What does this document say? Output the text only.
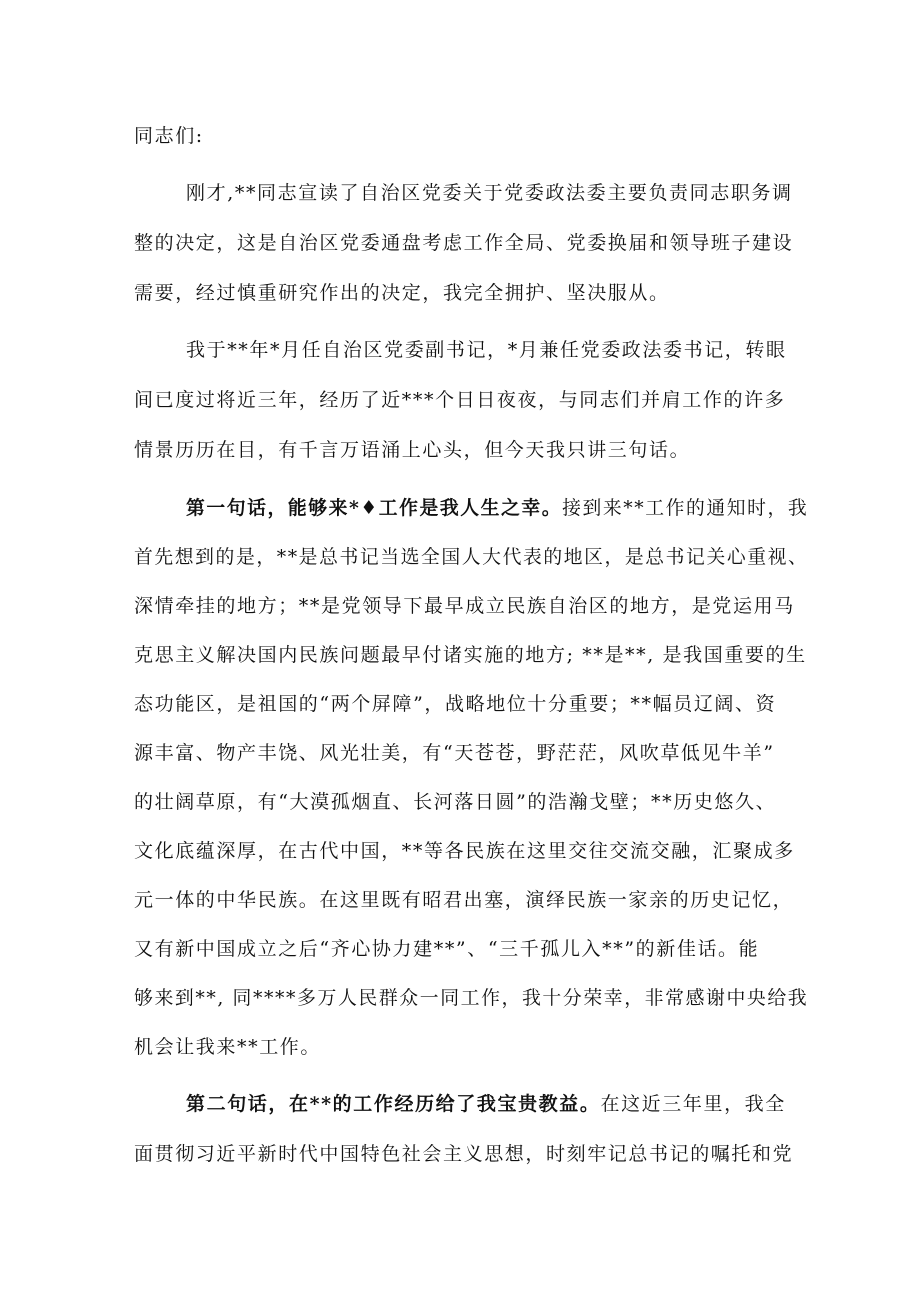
同志们:
刚才,**同志宣读了自治区党委关于党委政法委主要负责同志职务调
整的决定，这是自治区党委通盘考虑工作全局、党委换届和领导班子建设
需要，经过慎重研究作出的决定，我完全拥护、坚决服从。
我于**年*月任自治区党委副书记，*月兼任党委政法委书记，转眼
间已度过将近三年，经历了近***个日日夜夜，与同志们并肩工作的许多
情景历历在目，有千言万语涌上心头，但今天我只讲三句话。
第一句话，能够来*♦工作是我人生之幸。接到来**工作的通知时，我
首先想到的是，**是总书记当选全国人大代表的地区，是总书记关心重视、
深情牵挂的地方；**是党领导下最早成立民族自治区的地方，是党运用马
克思主义解决国内民族问题最早付诸实施的地方; **是**, 是我国重要的生
态功能区，是祖国的“两个屏障”，战略地位十分重要；**幅员辽阔、资
源丰富、物产丰饶、风光壮美，有“天苍苍，野茫茫，风吹草低见牛羊”
的壮阔草原，有“大漠孤烟直、长河落日圆”的浩瀚戈壁；**历史悠久、
文化底蕴深厚，在古代中国，**等各民族在这里交往交流交融，汇聚成多
元一体的中华民族。在这里既有昭君出塞，演绎民族一家亲的历史记忆，
又有新中国成立之后“齐心协力建**”、“三千孤儿入**”的新佳话。能
够来到**, 同****多万人民群众一同工作，我十分荣幸，非常感谢中央给我
机会让我来**工作。
第二句话，在**的工作经历给了我宝贵教益。在这近三年里，我全
面贯彻习近平新时代中国特色社会主义思想，时刻牢记总书记的嘱托和党
